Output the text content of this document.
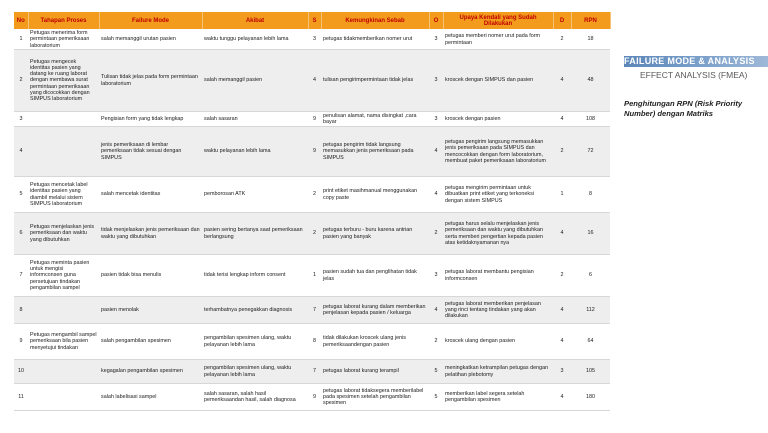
No	Tahapan Proses	Failure Mode	Akibat	S	Kemungkinan Sebab	O	Upaya Kendali yang Sudah Dilakukan	D	RPN
1	Petugas menerima form permintaan pemeriksaan laboratorium	salah memanggil urutan pasien	waktu tunggu pelayanan lebih lama	3	petugas tidakmemberikan nomer urut	3	petugas memberi nomer urut pada form permintaan	2	18
2	Petugas mengecek identitas pasien yang datang ke ruang laborat dengan membawa surat permintaan pemeriksaan yang dicocokkan dengan SIMPUS laboratorium	Tulisan tidak jelas pada form permintaan laboratorium	salah memanggil pasien	4	tulisan pengirimpermintaan tidak jelas	3	kroscek dengan SIMPUS dan pasien	4	48
3		Pengisian form yang tidak lengkap	salah sasaran	9	penulisan alamat, nama disingkat ,cara bayar	3	kroscek dengan pasien	4	108
4		jenis pemeriksaan di lembar pemeriksaan tidak sesuai dengan SIMPUS	waktu pelayanan lebih lama	9	petugas pengirim tidak langsung memasukkan jenis pemeriksaan pada SIMPUS	4	petugas pengirim langsung memasukkan jenis pemeriksaan pada SIMPUS dan mencocokkan dengan form laboratorium, membuat paket pemeriksaan laboratorium	2	72
5	Petugas mencetak label identitas pasien yang diambil melalui sistem SIMPUS laboratorium	salah mencetak identitas	pemborosan ATK	2	print etiket masihmanual menggunakan copy paste	4	petugas mengirim permintaan untuk dibuatkan print etiket yang terkoneksi dengan sistem SIMPUS	1	8
6	Petugas menjelaskan jenis pemeriksaan dan waktu yang dibutuhkan	tidak menjelaskan jenis pemeriksaan dan waktu yang dibutuhkan	pasien sering bertanya saat pemeriksaan berlangsung	2	petugas terburu - buru karena antrian pasien yang banyak	2	petugas harus selalu menjelaskan jenis pemeriksaan dan waktu yang dibutuhkan serta memberi pengertian kepada pasien atas ketidaknyamanan nya	4	16
7	Petugas meminta pasien untuk mengisi informconsen guna persetujuan tindakan pengambilan sampel	pasien tidak bisa menulis	tidak terisi lengkap inform consent	1	pasien sudah tua dan penglihatan tidak jelas	3	petugas laborat membantu pengisian informconsen	2	6
8		pasien menolak	terhambatnya penegakkan diagnosis	7	petugas laborat kurang dalam memberikan penjelasan kepada pasien / keluarga	4	petugas laborat memberikan penjelasan yang rinci tentang tindakan yang akan dilakukan	4	112
9	Petugas mengambil sampel pemeriksaan bila pasien menyetujui tindakan	salah pengambilan spesimen	pengambilan spesimen ulang, waktu pelayanan lebih lama	8	tidak dilakukan kroscek ulang jenis pemeriksaandengan pasien	2	kroscek ulang dengan pasien	4	64
10		kegagalan pengambilan spesimen	pengambilan spesimen ulang, waktu pelayanan lebih lama	7	petugas laborat kurang terampil	5	meningkatkan ketrampilan petugas dengan pelatihan plebotomy	3	105
11		salah labelisasi sampel	salah sasaran, salah hasil pemeriksaandan hasil, salah diagnosa	9	petugas laborat tidaksegera memberilabel pada spesimen setelah pengambilan spesimen	5	memberikan label segera setelah pengambilan spesimen	4	180
FAILURE MODE & ANALYSIS
EFFECT ANALYSIS (FMEA)
Penghitungan RPN (Risk Priority Number) dengan Matriks
